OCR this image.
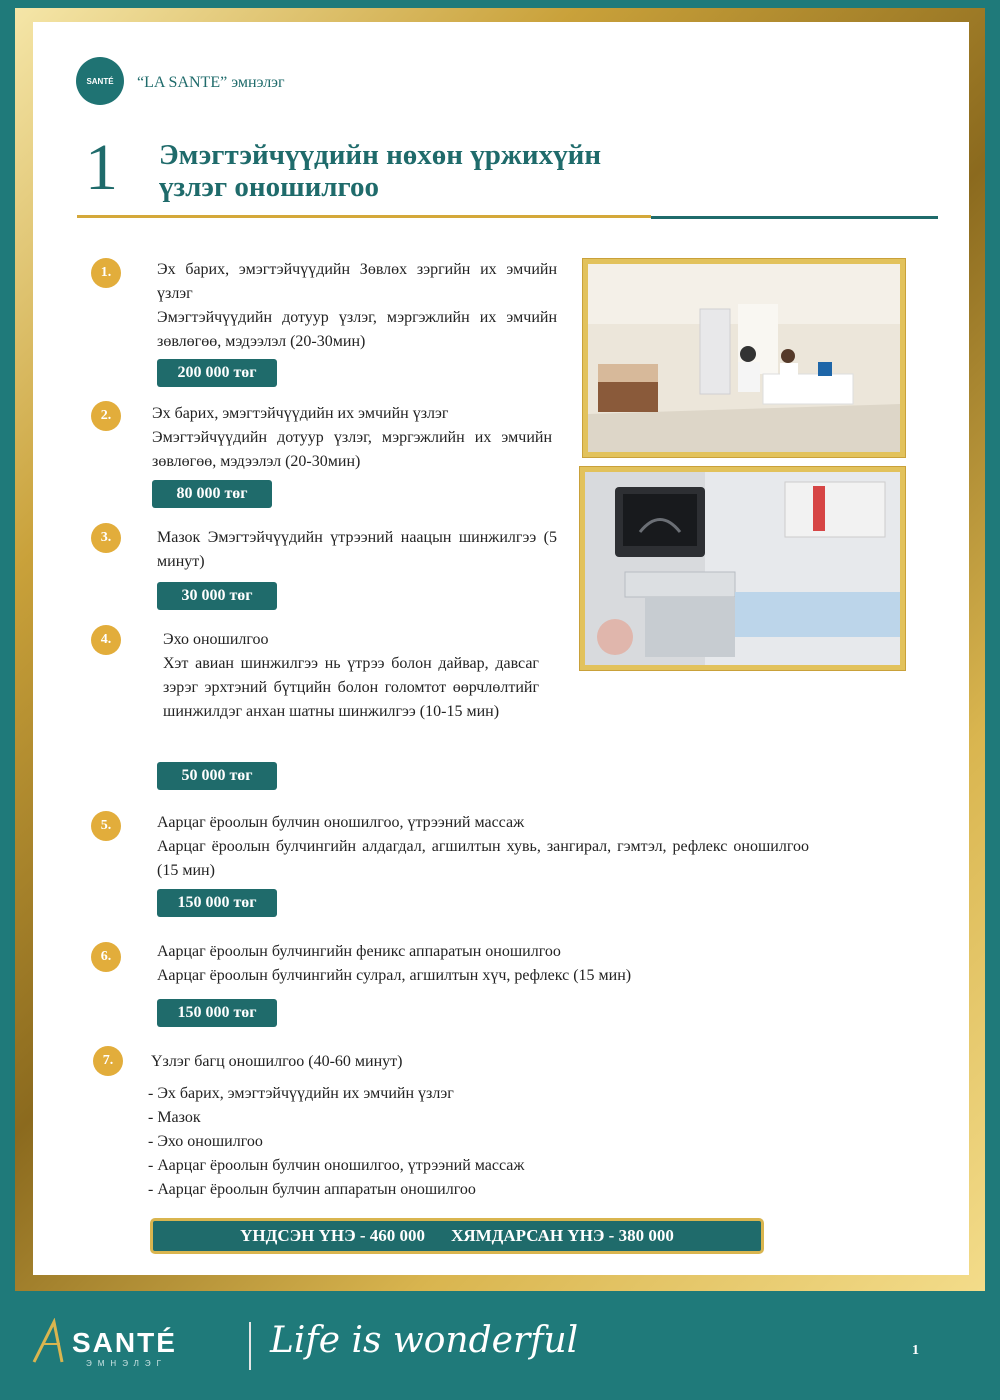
SANTÉ “LA SANTE” эмнэлэг
1 Эмэгтэйчүүдийн нөхөн үржихүйн
үзлэг оношилгоо
1.	Эх барих, эмэгтэйчүүдийн Зөвлөх зэргийн их эмчийн үзлэг
Эмэгтэйчүүдийн дотуур үзлэг, мэргэжлийн их эмчийн зөвлөгөө, мэдээлэл (20-30мин)
200 000 төг
2.	Эх барих, эмэгтэйчүүдийн их эмчийн үзлэг
Эмэгтэйчүүдийн дотуур үзлэг, мэргэжлийн их эмчийн зөвлөгөө, мэдээлэл (20-30мин)
80 000 төг
3.	Мазок Эмэгтэйчүүдийн үтрээний наацын шинжилгээ (5 минут)
30 000 төг
4.	Эхо оношилгоо
Хэт авиан шинжилгээ нь үтрээ болон дайвар, давсаг зэрэг эрхтэний бүтцийн болон голомтот өөрчлөлтийг шинжилдэг анхан шатны шинжилгээ (10-15 мин)
50 000 төг
5.	Аарцаг ёроолын булчин оношилгоо, үтрээний массаж
Аарцаг ёроолын булчингийн алдагдал, агшилтын хувь, зангирал, гэмтэл, рефлекс оношилгоо (15 мин)
150 000 төг
6.	Аарцаг ёроолын булчингийн феникс аппаратын оношилгоо
Аарцаг ёроолын булчингийн сулрал, агшилтын хүч, рефлекс (15 мин)
150 000 төг
7.	Үзлэг багц оношилгоо (40-60 минут)
- Эх барих, эмэгтэйчүүдийн их эмчийн үзлэг
- Мазок
- Эхо оношилгоо
- Аарцаг ёроолын булчин оношилгоо, үтрээний массаж
- Аарцаг ёроолын булчин аппаратын оношилгоо
ҮНДСЭН ҮНЭ - 460 000 ХЯМДАРСАН ҮНЭ - 380 000
SANTÉ
ЭМНЭЛЭГ
Life is wonderful	1
